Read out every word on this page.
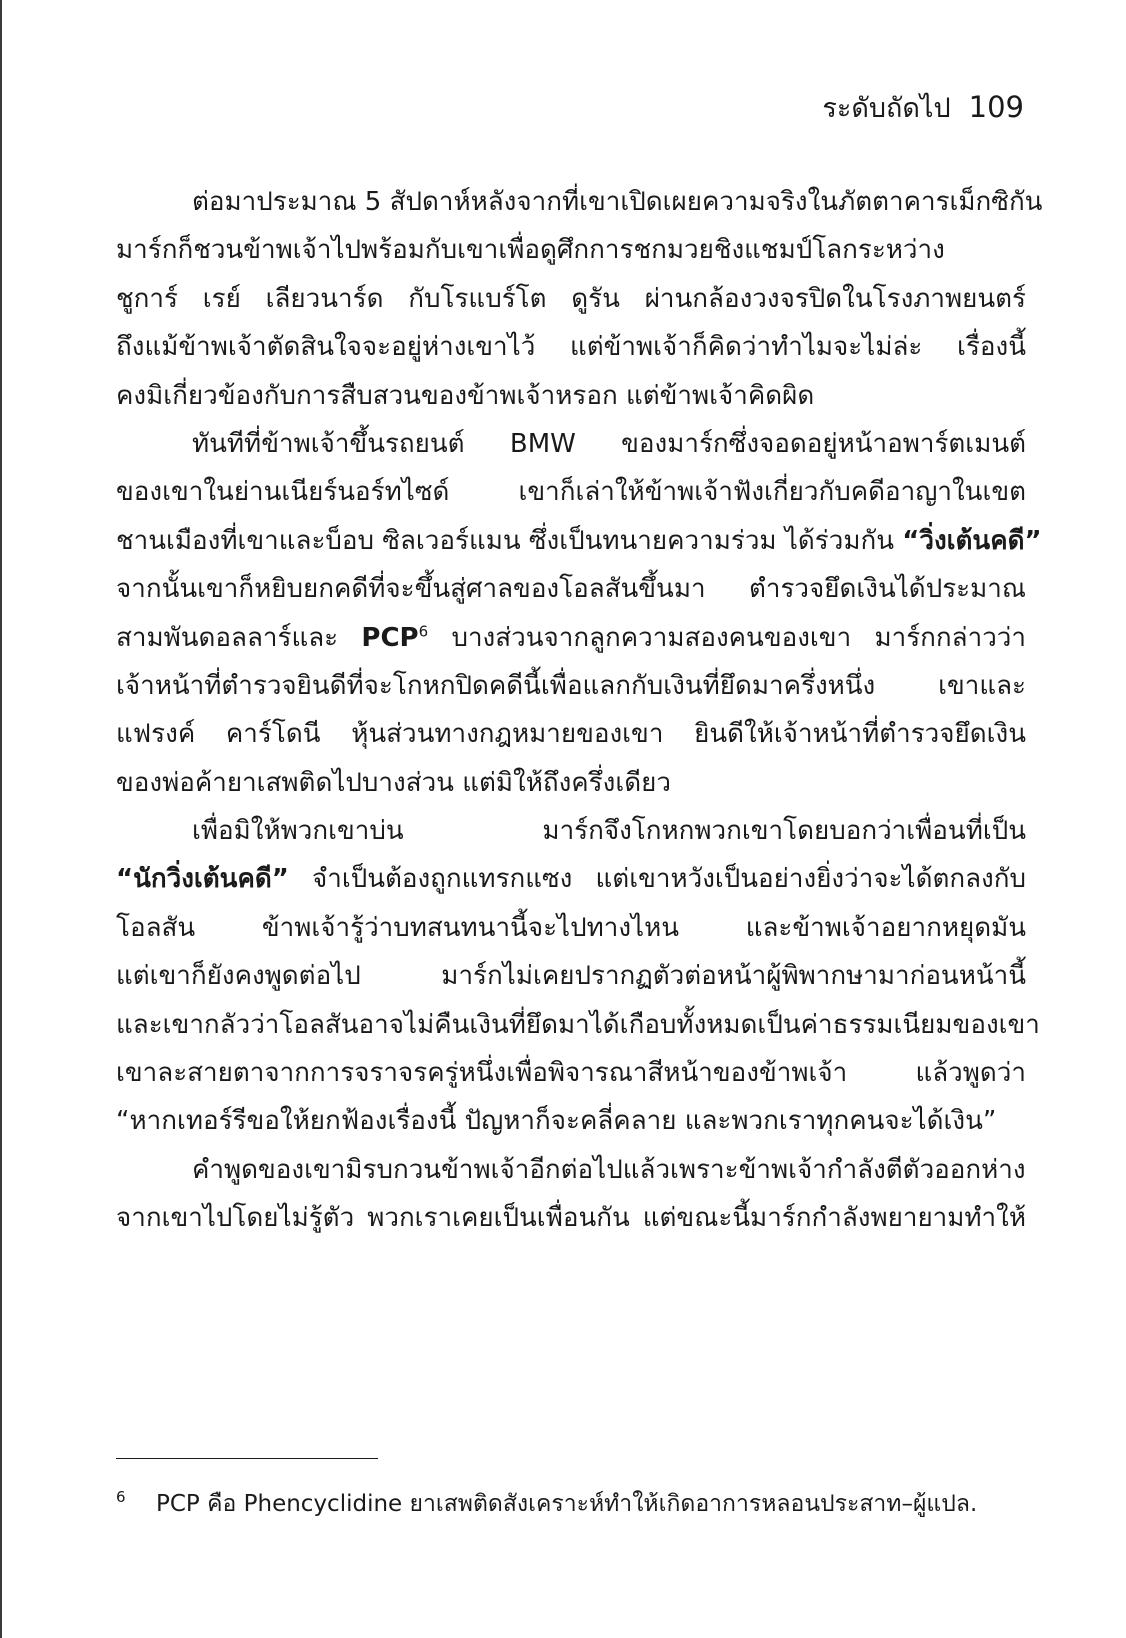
ระดับถัดไป 109
ต่อมาประมาณ 5 สัปดาห์หลังจากที่เขาเปิดเผยความจริงในภัตตาคารเม็กซิกัน
มาร์กก็ชวนข้าพเจ้าไปพร้อมกับเขาเพื่อดูศึกการชกมวยชิงแชมป์โลกระหว่าง
ชูการ์ เรย์ เลียวนาร์ด กับโรแบร์โต ดูรัน ผ่านกล้องวงจรปิดในโรงภาพยนตร์
ถึงแม้ข้าพเจ้าตัดสินใจจะอยู่ห่างเขาไว้ แต่ข้าพเจ้าก็คิดว่าทำไมจะไม่ล่ะ เรื่องนี้
คงมิเกี่ยวข้องกับการสืบสวนของข้าพเจ้าหรอก แต่ข้าพเจ้าคิดผิด
ทันทีที่ข้าพเจ้าขึ้นรถยนต์ BMW ของมาร์กซึ่งจอดอยู่หน้าอพาร์ตเมนต์
ของเขาในย่านเนียร์นอร์ทไซด์ เขาก็เล่าให้ข้าพเจ้าฟังเกี่ยวกับคดีอาญาในเขต
ชานเมืองที่เขาและบ็อบ ซิลเวอร์แมน ซึ่งเป็นทนายความร่วม ได้ร่วมกัน “วิ่งเต้นคดี”
จากนั้นเขาก็หยิบยกคดีที่จะขึ้นสู่ศาลของโอลสันขึ้นมา ตำรวจยึดเงินได้ประมาณ
สามพันดอลลาร์และ PCP$^6$ บางส่วนจากลูกความสองคนของเขา มาร์กกล่าวว่า
เจ้าหน้าที่ตำรวจยินดีที่จะโกหกปิดคดีนี้เพื่อแลกกับเงินที่ยึดมาครึ่งหนึ่ง เขาและ
แฟรงค์ คาร์โดนี หุ้นส่วนทางกฎหมายของเขา ยินดีให้เจ้าหน้าที่ตำรวจยึดเงิน
ของพ่อค้ายาเสพติดไปบางส่วน แต่มิให้ถึงครึ่งเดียว
เพื่อมิให้พวกเขาบ่น มาร์กจึงโกหกพวกเขาโดยบอกว่าเพื่อนที่เป็น
“นักวิ่งเต้นคดี” จำเป็นต้องถูกแทรกแซง แต่เขาหวังเป็นอย่างยิ่งว่าจะได้ตกลงกับ
โอลสัน ข้าพเจ้ารู้ว่าบทสนทนานี้จะไปทางไหน และข้าพเจ้าอยากหยุดมัน
แต่เขาก็ยังคงพูดต่อไป มาร์กไม่เคยปรากฏตัวต่อหน้าผู้พิพากษามาก่อนหน้านี้
และเขากลัวว่าโอลสันอาจไม่คืนเงินที่ยึดมาได้เกือบทั้งหมดเป็นค่าธรรมเนียมของเขา
เขาละสายตาจากการจราจรครู่หนึ่งเพื่อพิจารณาสีหน้าของข้าพเจ้า แล้วพูดว่า
“หากเทอร์รีขอให้ยกฟ้องเรื่องนี้ ปัญหาก็จะคลี่คลาย และพวกเราทุกคนจะได้เงิน”
คำพูดของเขามิรบกวนข้าพเจ้าอีกต่อไปแล้วเพราะข้าพเจ้ากำลังตีตัวออกห่าง
จากเขาไปโดยไม่รู้ตัว พวกเราเคยเป็นเพื่อนกัน แต่ขณะนี้มาร์กกำลังพยายามทำให้
6	PCP คือ Phencyclidine ยาเสพติดสังเคราะห์ทำให้เกิดอาการหลอนประสาท–ผู้แปล.
